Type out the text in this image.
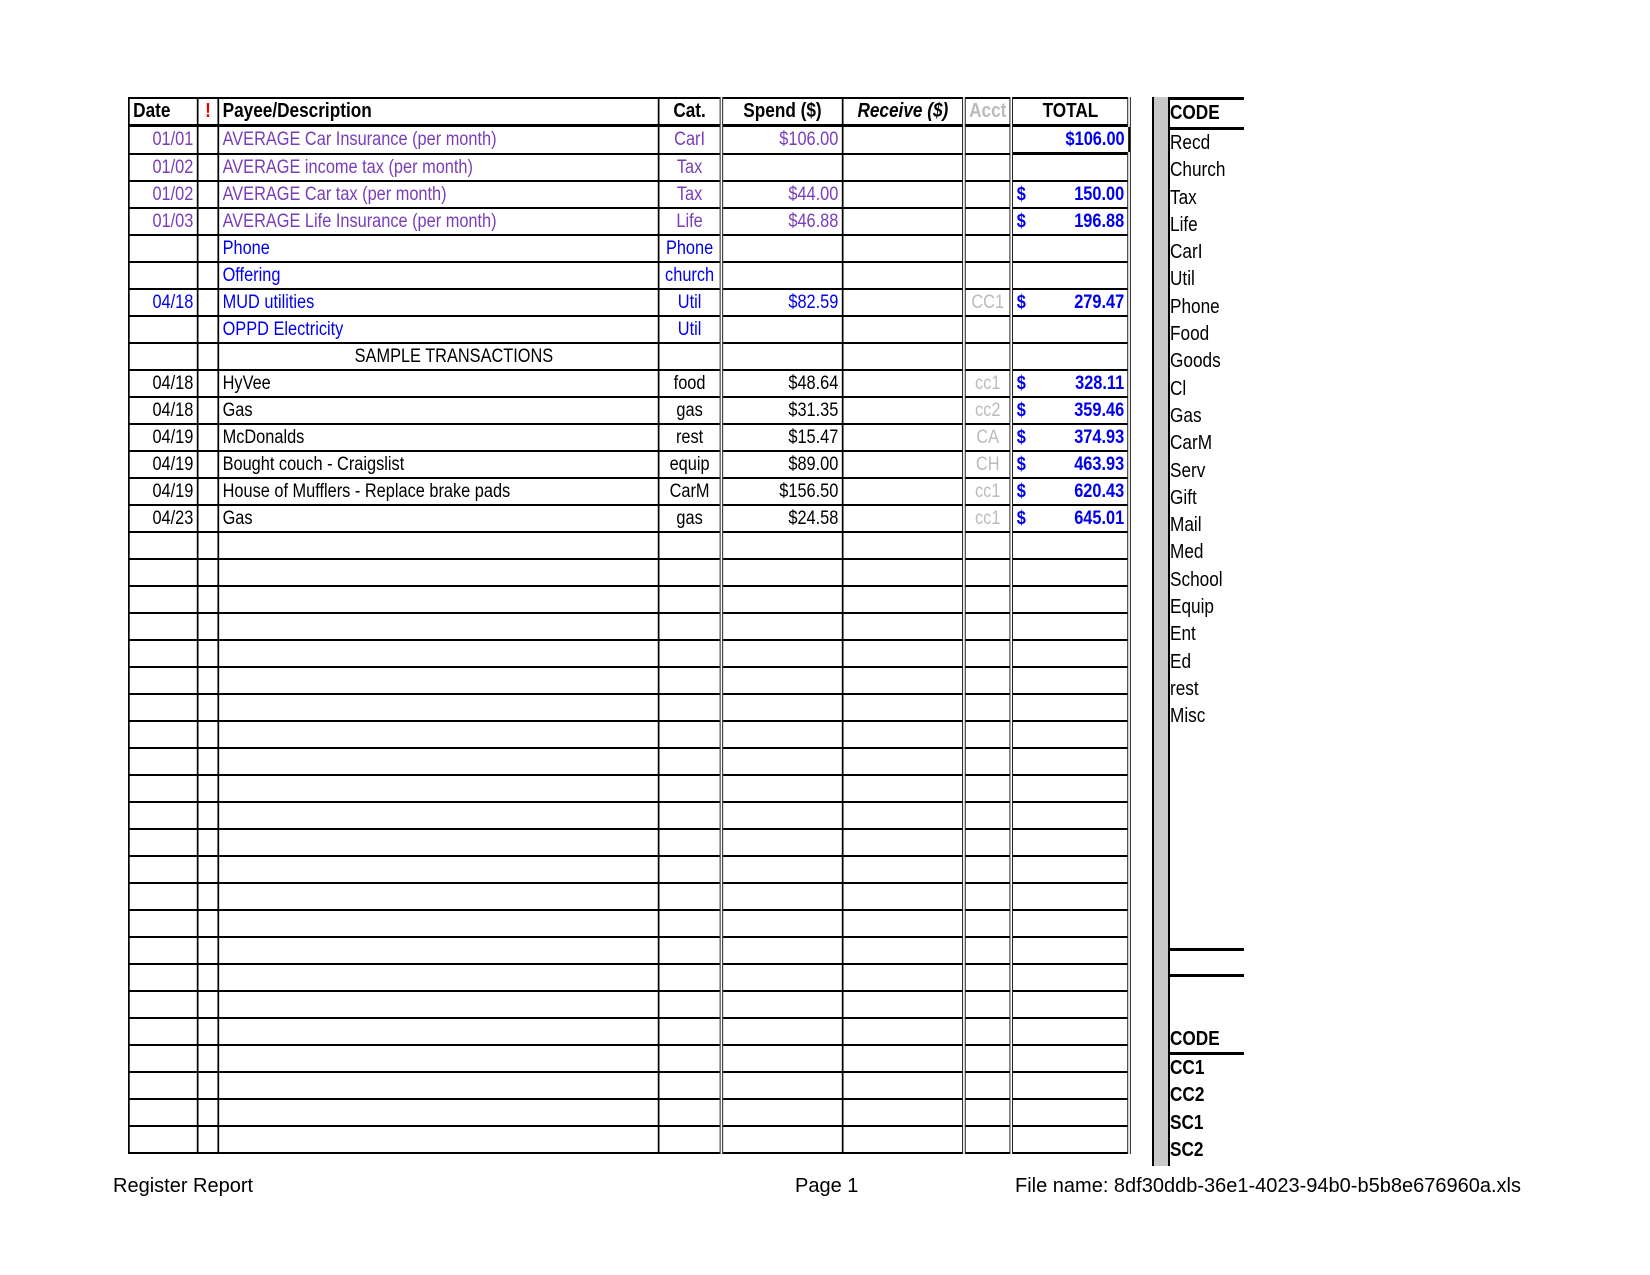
Date	!	Payee/Description	Cat.	Spend ($)	Receive ($)	Acct	TOTAL
01/01		AVERAGE Car Insurance (per month)	CarI	$106.00			$106.00
01/02		AVERAGE income tax (per month)	Tax				

01/02		AVERAGE Car tax (per month)	Tax	$44.00			$ 150.00
01/03		AVERAGE Life Insurance (per month)	Life	$46.88			$ 196.88
		Phone	Phone				

		Offering	church				

04/18		MUD utilities	Util	$82.59		CC1	$ 279.47
		OPPD Electricity	Util				

		SAMPLE TRANSACTIONS					

04/18		HyVee	food	$48.64		cc1	$ 328.11
04/18		Gas	gas	$31.35		cc2	$ 359.46
04/19		McDonalds	rest	$15.47		CA	$ 374.93
04/19		Bought couch - Craigslist	equip	$89.00		CH	$ 463.93
04/19		House of Mufflers - Replace brake pads	CarM	$156.50		cc1	$ 620.43
04/23		Gas	gas	$24.58		cc1	$ 645.01

CODE
Recd
Church
Tax
Life
CarI
Util
Phone
Food
Goods
Cl
Gas
CarM
Serv
Gift
Mail
Med
School
Equip
Ent
Ed
rest
Misc
CODE
CC1
CC2
SC1
SC2
Register Report	Page 1	File name: 8df30ddb-36e1-4023-94b0-b5b8e676960a.xls
